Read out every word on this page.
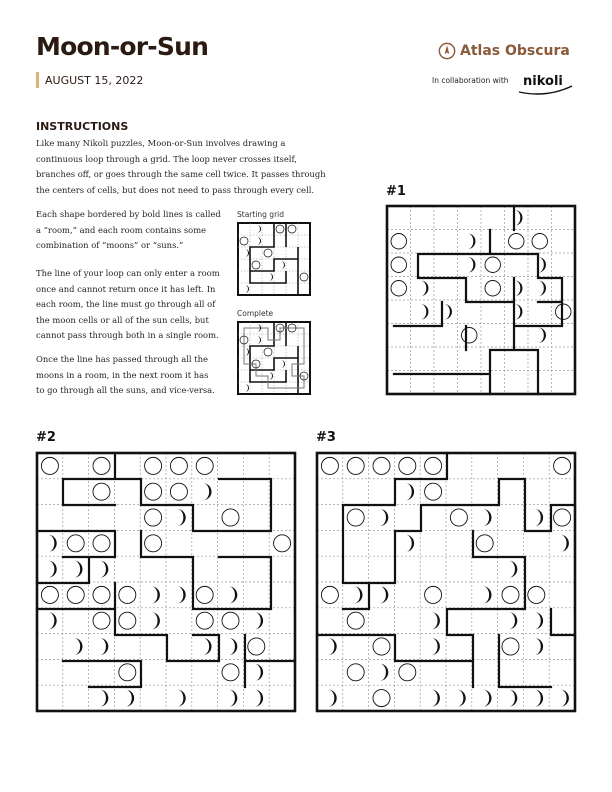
Moon-or-Sun
AUGUST 15, 2022
Atlas Obscura
In collaboration with nikoli
INSTRUCTIONS
Like many Nikoli puzzles, Moon-or-Sun involves drawing a
continuous loop through a grid. The loop never crosses itself,
branches off, or goes through the same cell twice. It passes through
the centers of cells, but does not need to pass through every cell.
Each shape bordered by bold lines is called
a “room,” and each room contains some
combination of “moons” or “suns.”
The line of your loop can only enter a room
once and cannot return once it has left. In
each room, the line must go through all of
the moon cells or all of the sun cells, but
cannot pass through both in a single room.
Once the line has passed through all the
moons in a room, in the next room it has
to go through all the suns, and vice-versa.
Starting grid
Complete
#1
#2	#3
